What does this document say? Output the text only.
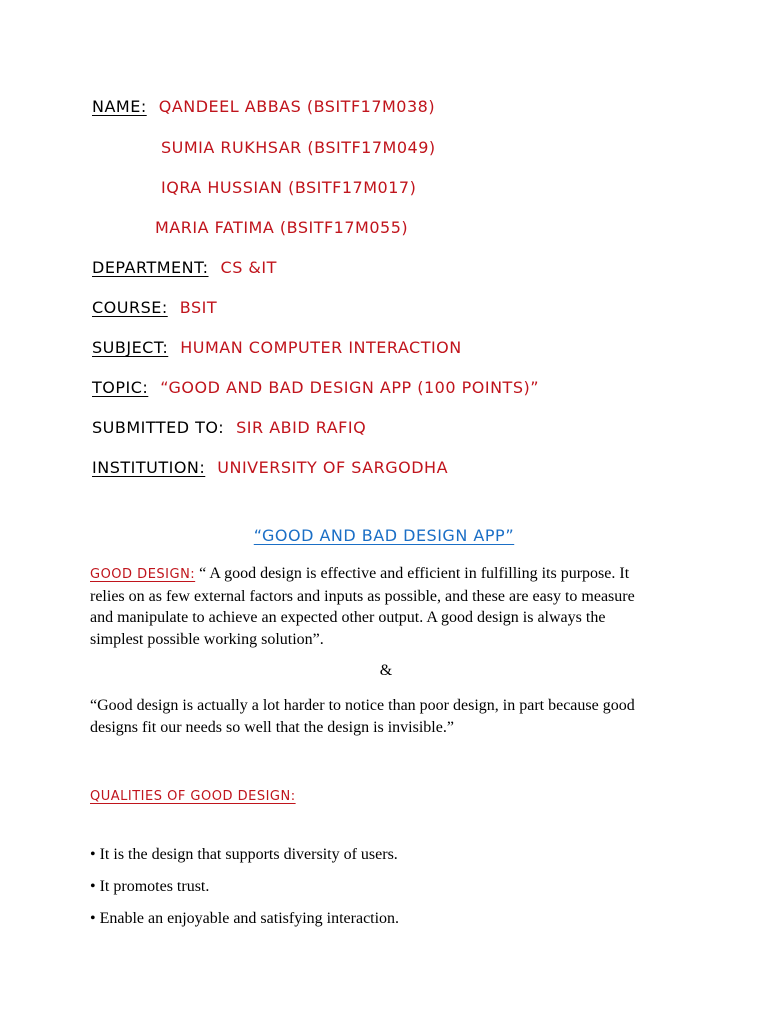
NAME: QANDEEL ABBAS (BSITF17M038)
SUMIA RUKHSAR (BSITF17M049)
IQRA HUSSIAN (BSITF17M017)
MARIA FATIMA (BSITF17M055)
DEPARTMENT: CS &IT
COURSE: BSIT
SUBJECT: HUMAN COMPUTER INTERACTION
TOPIC: “GOOD AND BAD DESIGN APP (100 POINTS)”
SUBMITTED TO: SIR ABID RAFIQ
INSTITUTION: UNIVERSITY OF SARGODHA
“GOOD AND BAD DESIGN APP”
GOOD DESIGN: “ A good design is effective and efficient in fulfilling its purpose. It relies on as few external factors and inputs as possible, and these are easy to measure and manipulate to achieve an expected other output. A good design is always the simplest possible working solution”.
&
“Good design is actually a lot harder to notice than poor design, in part because good designs fit our needs so well that the design is invisible.”
QUALITIES OF GOOD DESIGN:
• It is the design that supports diversity of users.
• It promotes trust.
• Enable an enjoyable and satisfying interaction.
